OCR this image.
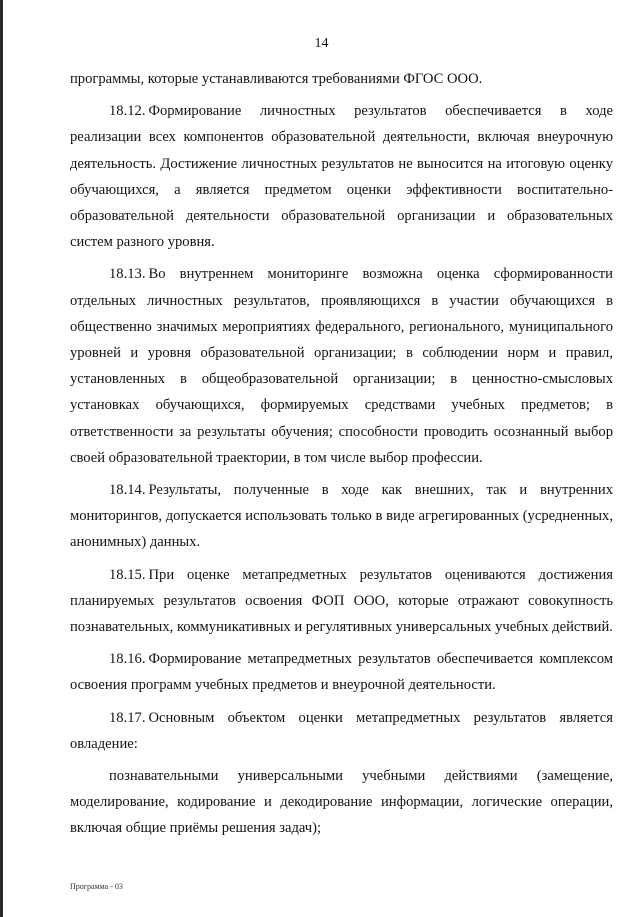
14

программы, которые устанавливаются требованиями ФГОС ООО.

18.12. Формирование личностных результатов обеспечивается в ходе реализации всех компонентов образовательной деятельности, включая внеурочную деятельность. Достижение личностных результатов не выносится на итоговую оценку обучающихся, а является предметом оценки эффективности воспитательно-образовательной деятельности образовательной организации и образовательных систем разного уровня.

18.13. Во внутреннем мониторинге возможна оценка сформированности отдельных личностных результатов, проявляющихся в участии обучающихся в общественно значимых мероприятиях федерального, регионального, муниципального уровней и уровня образовательной организации; в соблюдении норм и правил, установленных в общеобразовательной организации; в ценностно-смысловых установках обучающихся, формируемых средствами учебных предметов; в ответственности за результаты обучения; способности проводить осознанный выбор своей образовательной траектории, в том числе выбор профессии.

18.14. Результаты, полученные в ходе как внешних, так и внутренних мониторингов, допускается использовать только в виде агрегированных (усредненных, анонимных) данных.

18.15. При оценке метапредметных результатов оцениваются достижения планируемых результатов освоения ФОП ООО, которые отражают совокупность познавательных, коммуникативных и регулятивных универсальных учебных действий.

18.16. Формирование метапредметных результатов обеспечивается комплексом освоения программ учебных предметов и внеурочной деятельности.

18.17. Основным объектом оценки метапредметных результатов является овладение:

познавательными универсальными учебными действиями (замещение, моделирование, кодирование и декодирование информации, логические операции, включая общие приёмы решения задач);

Программа - 03
